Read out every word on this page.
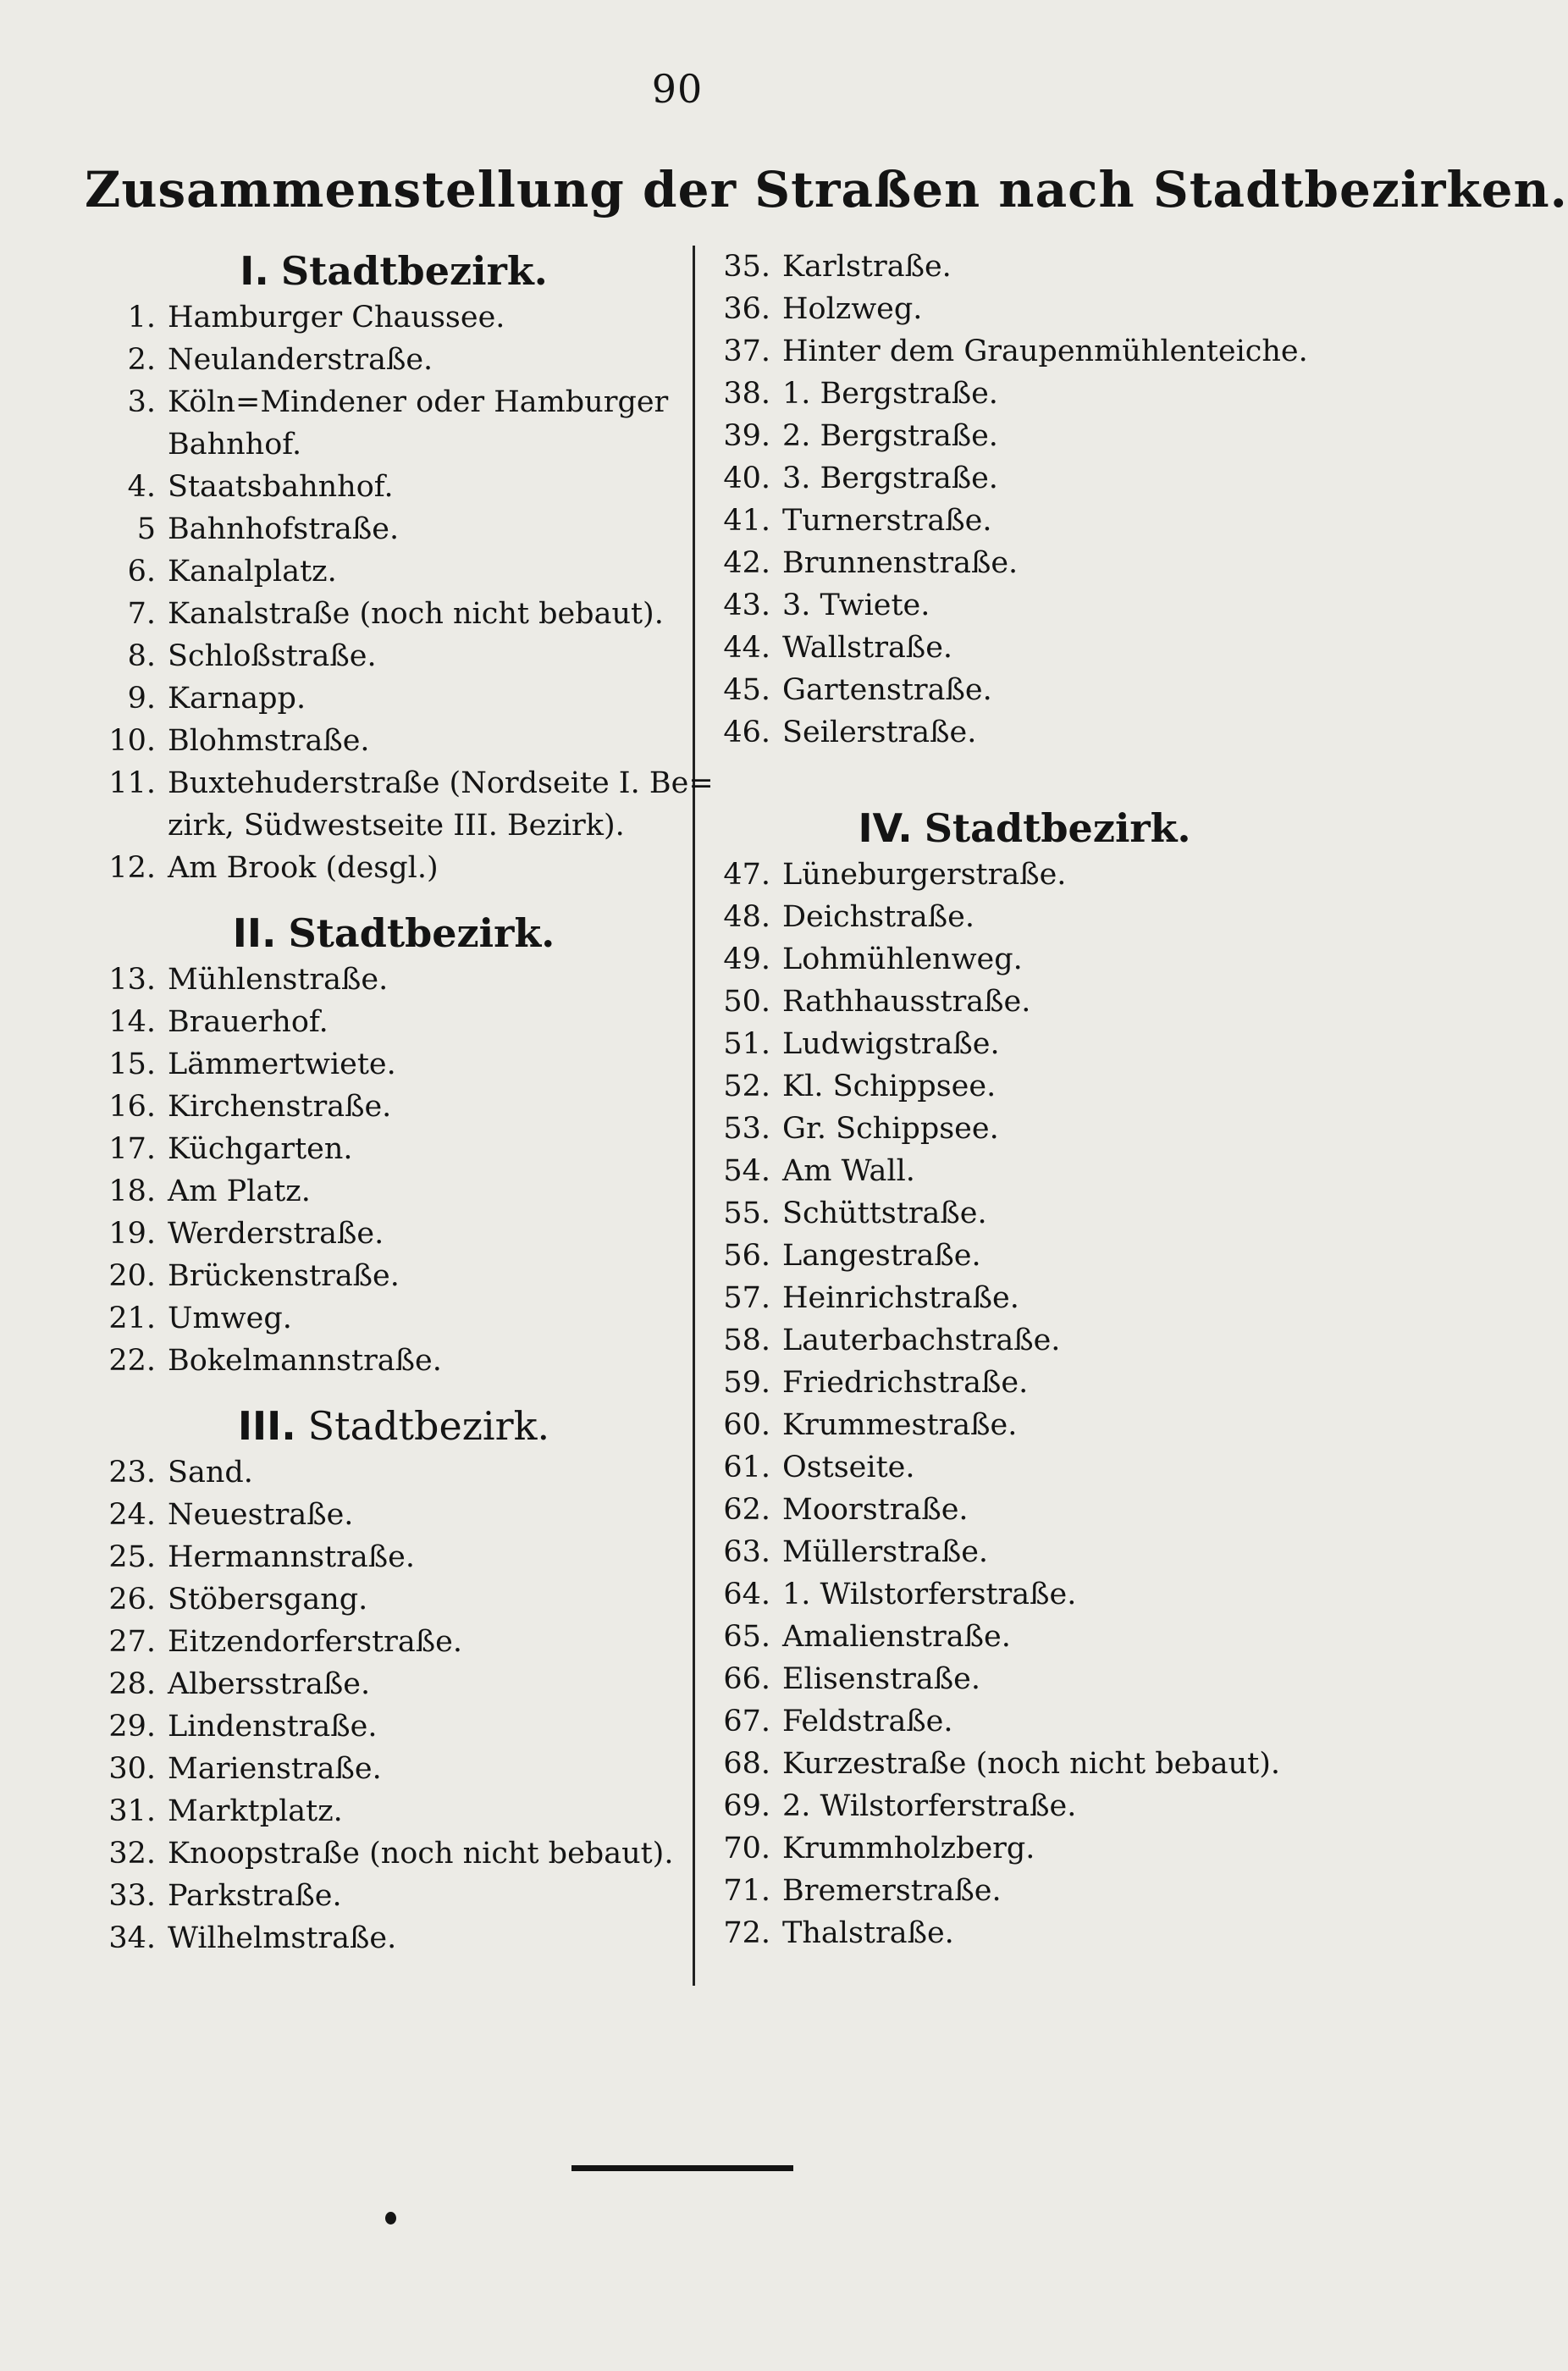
90
Zusammenstellung der Straßen nach Stadtbezirken.
I. Stadtbezirk.
1. Hamburger Chaussee.
2. Neulanderstraße.
3. Köln=Mindener oder Hamburger
Bahnhof.
4. Staatsbahnhof.
5 Bahnhofstraße.
6. Kanalplatz.
7. Kanalstraße (noch nicht bebaut).
8. Schloßstraße.
9. Karnapp.
10. Blohmstraße.
11. Buxtehuderstraße (Nordseite I. Be=
zirk, Südwestseite III. Bezirk).
12. Am Brook (desgl.)
II. Stadtbezirk.
13. Mühlenstraße.
14. Brauerhof.
15. Lämmertwiete.
16. Kirchenstraße.
17. Küchgarten.
18. Am Platz.
19. Werderstraße.
20. Brückenstraße.
21. Umweg.
22. Bokelmannstraße.
III. Stadtbezirk.
23. Sand.
24. Neuestraße.
25. Hermannstraße.
26. Stöbersgang.
27. Eitzendorferstraße.
28. Albersstraße.
29. Lindenstraße.
30. Marienstraße.
31. Marktplatz.
32. Knoopstraße (noch nicht bebaut).
33. Parkstraße.
34. Wilhelmstraße.
35. Karlstraße.
36. Holzweg.
37. Hinter dem Graupenmühlenteiche.
38. 1. Bergstraße.
39. 2. Bergstraße.
40. 3. Bergstraße.
41. Turnerstraße.
42. Brunnenstraße.
43. 3. Twiete.
44. Wallstraße.
45. Gartenstraße.
46. Seilerstraße.
IV. Stadtbezirk.
47. Lüneburgerstraße.
48. Deichstraße.
49. Lohmühlenweg.
50. Rathhausstraße.
51. Ludwigstraße.
52. Kl. Schippsee.
53. Gr. Schippsee.
54. Am Wall.
55. Schüttstraße.
56. Langestraße.
57. Heinrichstraße.
58. Lauterbachstraße.
59. Friedrichstraße.
60. Krummestraße.
61. Ostseite.
62. Moorstraße.
63. Müllerstraße.
64. 1. Wilstorferstraße.
65. Amalienstraße.
66. Elisenstraße.
67. Feldstraße.
68. Kurzestraße (noch nicht bebaut).
69. 2. Wilstorferstraße.
70. Krummholzberg.
71. Bremerstraße.
72. Thalstraße.
